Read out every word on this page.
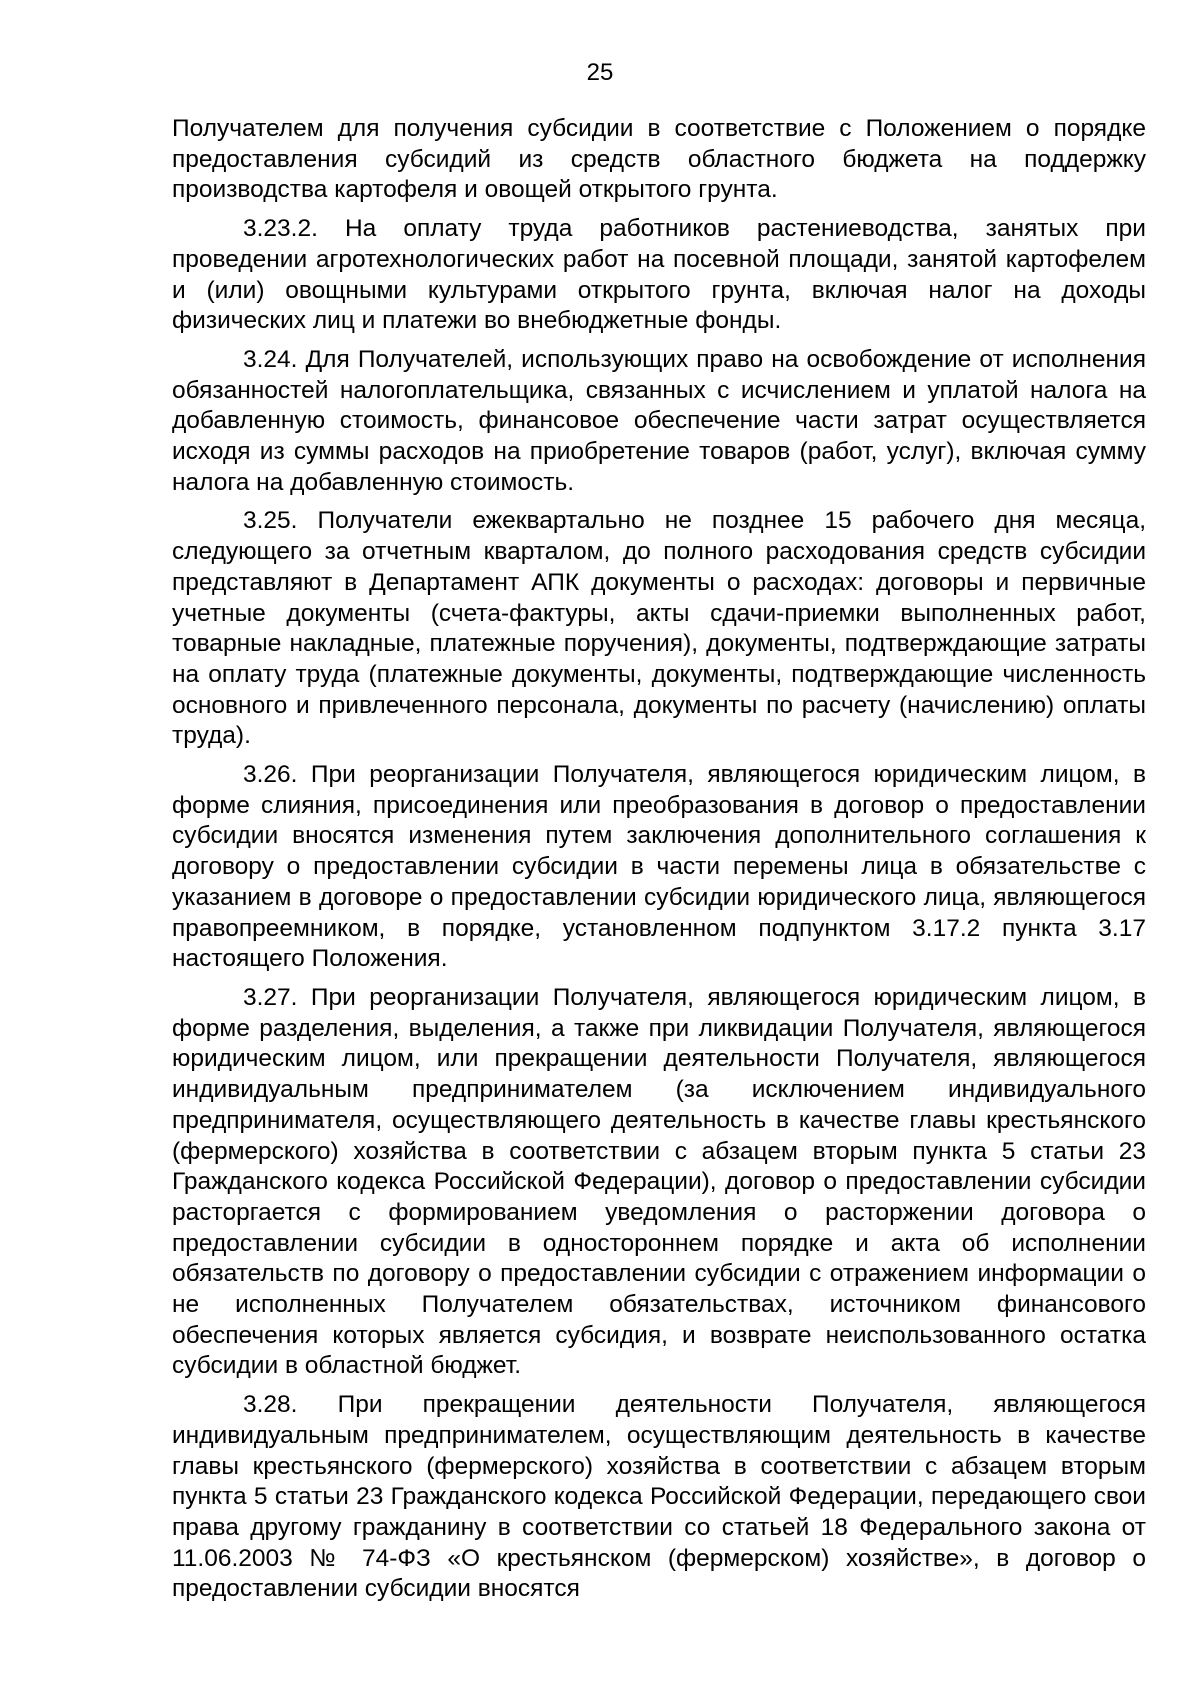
25

Получателем для получения субсидии в соответствие с Положением о порядке предоставления субсидий из средств областного бюджета на поддержку производства картофеля и овощей открытого грунта.

3.23.2. На оплату труда работников растениеводства, занятых при проведении агротехнологических работ на посевной площади, занятой картофелем и (или) овощными культурами открытого грунта, включая налог на доходы физических лиц и платежи во внебюджетные фонды.

3.24. Для Получателей, использующих право на освобождение от исполнения обязанностей налогоплательщика, связанных с исчислением и уплатой налога на добавленную стоимость, финансовое обеспечение части затрат осуществляется исходя из суммы расходов на приобретение товаров (работ, услуг), включая сумму налога на добавленную стоимость.

3.25. Получатели ежеквартально не позднее 15 рабочего дня месяца, следующего за отчетным кварталом, до полного расходования средств субсидии представляют в Департамент АПК документы о расходах: договоры и первичные учетные документы (счета-фактуры, акты сдачи-приемки выполненных работ, товарные накладные, платежные поручения), документы, подтверждающие затраты на оплату труда (платежные документы, документы, подтверждающие численность основного и привлеченного персонала, документы по расчету (начислению) оплаты труда).

3.26. При реорганизации Получателя, являющегося юридическим лицом, в форме слияния, присоединения или преобразования в договор о предоставлении субсидии вносятся изменения путем заключения дополнительного соглашения к договору о предоставлении субсидии в части перемены лица в обязательстве с указанием в договоре о предоставлении субсидии юридического лица, являющегося правопреемником, в порядке, установленном подпунктом 3.17.2 пункта 3.17 настоящего Положения.

3.27. При реорганизации Получателя, являющегося юридическим лицом, в форме разделения, выделения, а также при ликвидации Получателя, являющегося юридическим лицом, или прекращении деятельности Получателя, являющегося индивидуальным предпринимателем (за исключением индивидуального предпринимателя, осуществляющего деятельность в качестве главы крестьянского (фермерского) хозяйства в соответствии с абзацем вторым пункта 5 статьи 23 Гражданского кодекса Российской Федерации), договор о предоставлении субсидии расторгается с формированием уведомления о расторжении договора о предоставлении субсидии в одностороннем порядке и акта об исполнении обязательств по договору о предоставлении субсидии с отражением информации о не исполненных Получателем обязательствах, источником финансового обеспечения которых является субсидия, и возврате неиспользованного остатка субсидии в областной бюджет.

3.28. При прекращении деятельности Получателя, являющегося индивидуальным предпринимателем, осуществляющим деятельность в качестве главы крестьянского (фермерского) хозяйства в соответствии с абзацем вторым пункта 5 статьи 23 Гражданского кодекса Российской Федерации, передающего свои права другому гражданину в соответствии со статьей 18 Федерального закона от 11.06.2003 № 74-ФЗ «О крестьянском (фермерском) хозяйстве», в договор о предоставлении субсидии вносятся
